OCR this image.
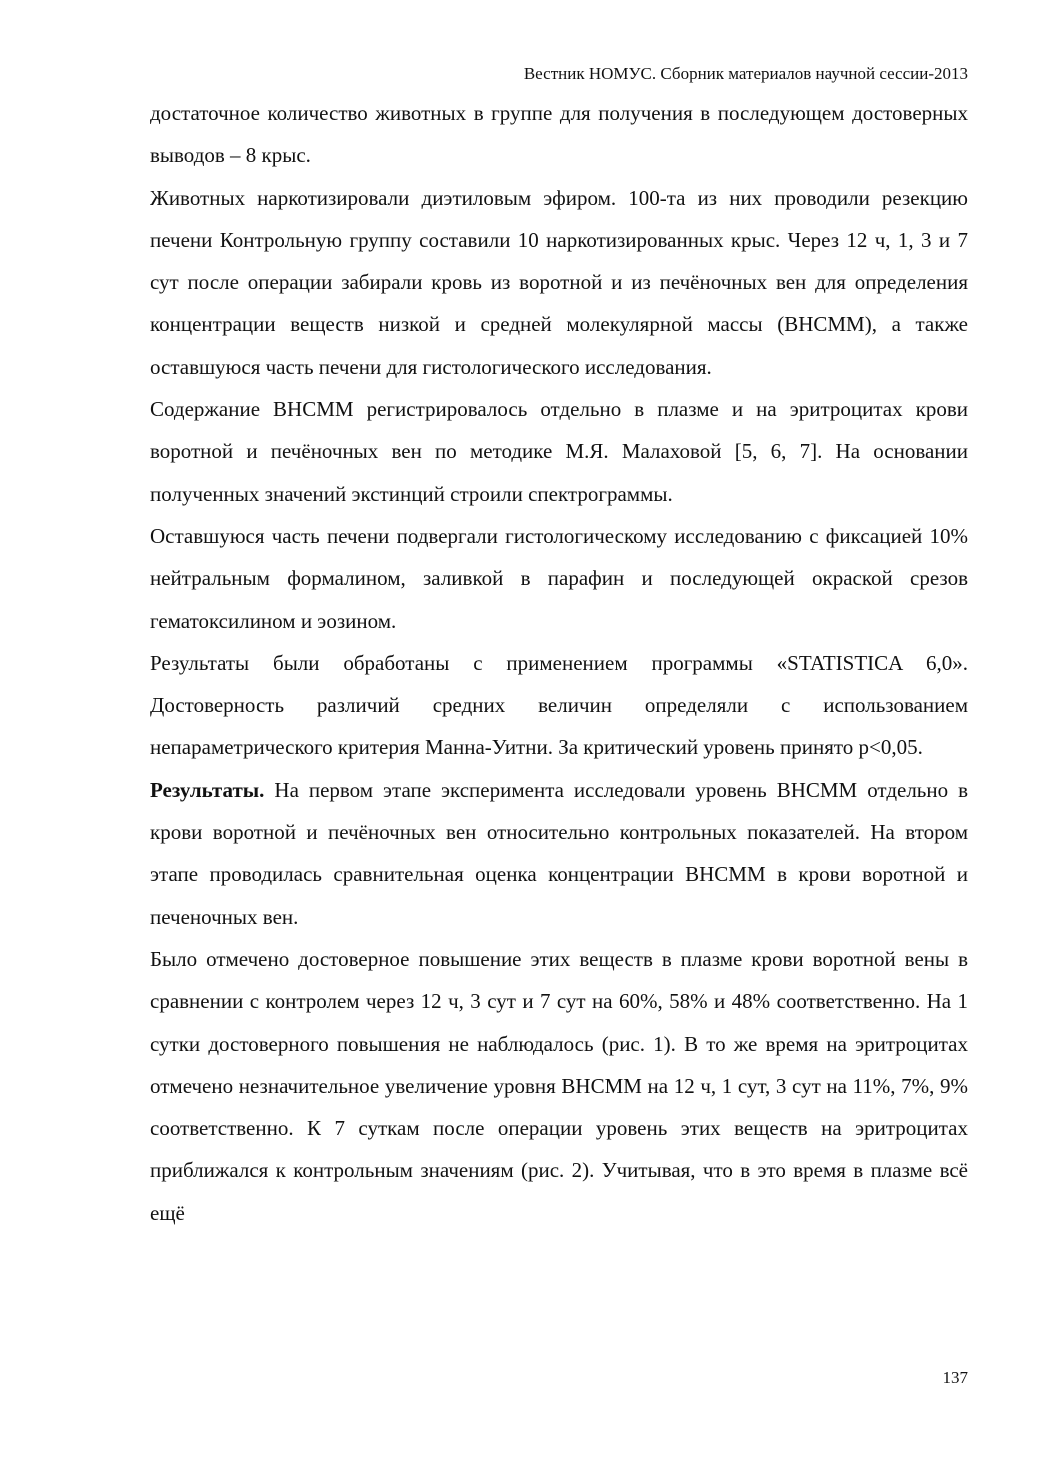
Вестник НОМУС. Сборник материалов научной сессии-2013

достаточное количество животных в группе для получения в последующем достоверных выводов – 8 крыс.

Животных наркотизировали диэтиловым эфиром. 100-та из них проводили резекцию печени Контрольную группу составили 10 наркотизированных крыс. Через 12 ч, 1, 3 и 7 сут после операции забирали кровь из воротной и из печёночных вен для определения концентрации веществ низкой и средней молекулярной массы (ВНСММ), а также оставшуюся часть печени для гистологического исследования.

Содержание ВНСММ регистрировалось отдельно в плазме и на эритроцитах крови воротной и печёночных вен по методике М.Я. Малаховой [5, 6, 7]. На основании полученных значений экстинций строили спектрограммы.

Оставшуюся часть печени подвергали гистологическому исследованию с фиксацией 10% нейтральным формалином, заливкой в парафин и последующей окраской срезов гематоксилином и эозином.

Результаты были обработаны с применением программы «STATISTICA 6,0». Достоверность различий средних величин определяли с использованием непараметрического критерия Манна-Уитни. За критический уровень принято р<0,05.

Результаты. На первом этапе эксперимента исследовали уровень ВНСММ отдельно в крови воротной и печёночных вен относительно контрольных показателей. На втором этапе проводилась сравнительная оценка концентрации ВНСММ в крови воротной и печеночных вен.

Было отмечено достоверное повышение этих веществ в плазме крови воротной вены в сравнении с контролем через 12 ч, 3 сут и 7 сут на 60%, 58% и 48% соответственно. На 1 сутки достоверного повышения не наблюдалось (рис. 1). В то же время на эритроцитах отмечено незначительное увеличение уровня ВНСММ на 12 ч, 1 сут, 3 сут на 11%, 7%, 9% соответственно. К 7 суткам после операции уровень этих веществ на эритроцитах приближался к контрольным значениям (рис. 2). Учитывая, что в это время в плазме всё ещё

137
